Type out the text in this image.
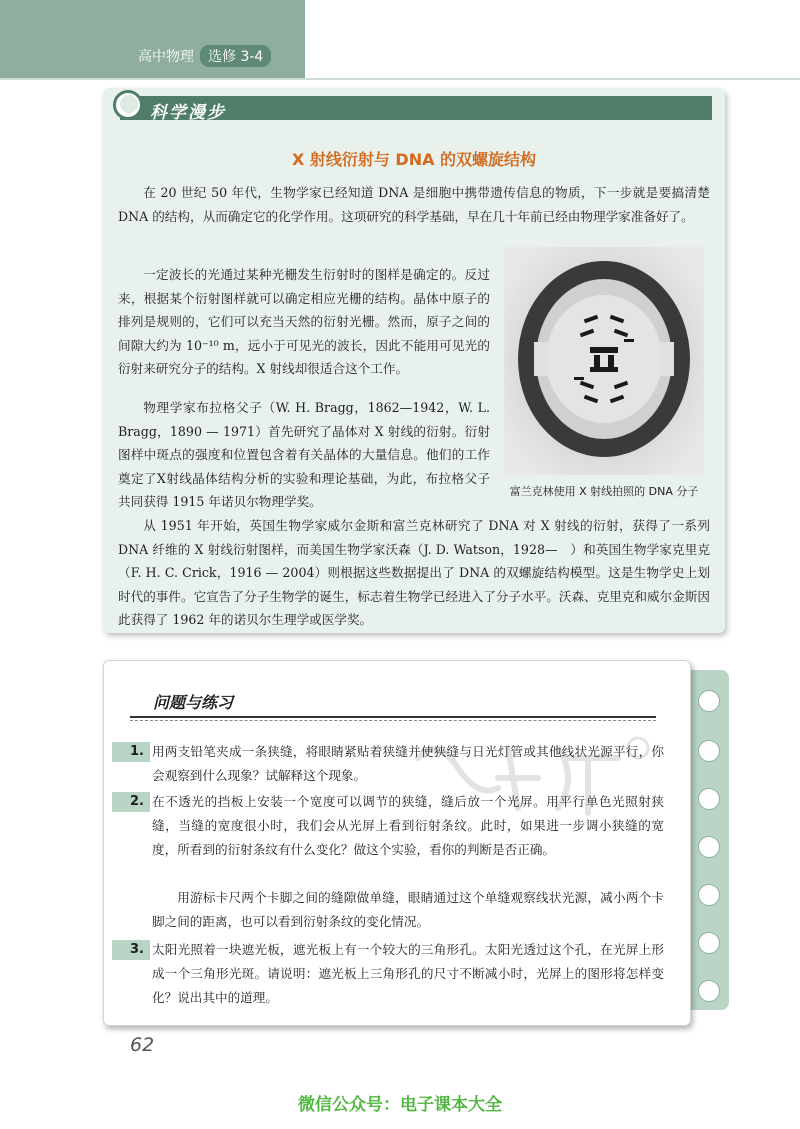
高中物理 选修 3-4
科学漫步
X 射线衍射与 DNA 的双螺旋结构

在 20 世纪 50 年代，生物学家已经知道 DNA 是细胞中携带遗传信息的物质，下一步就是要搞清楚 DNA 的结构，从而确定它的化学作用。这项研究的科学基础，早在几十年前已经由物理学家准备好了。

一定波长的光通过某种光栅发生衍射时的图样是确定的。反过来，根据某个衍射图样就可以确定相应光栅的结构。晶体中原子的排列是规则的，它们可以充当天然的衍射光栅。然而，原子之间的间隙大约为 10⁻¹⁰ m，远小于可见光的波长，因此不能用可见光的衍射来研究分子的结构。X 射线却很适合这个工作。

物理学家布拉格父子（W. H. Bragg，1862—1942，W. L. Bragg，1890 — 1971）首先研究了晶体对 X 射线的衍射。衍射图样中斑点的强度和位置包含着有关晶体的大量信息。他们的工作奠定了X射线晶体结构分析的实验和理论基础，为此，布拉格父子共同获得 1915 年诺贝尔物理学奖。

从 1951 年开始，英国生物学家威尔金斯和富兰克林研究了 DNA 对 X 射线的衍射，获得了一系列 DNA 纤维的 X 射线衍射图样，而美国生物学家沃森（J. D. Watson，1928—　）和英国生物学家克里克（F. H. C. Crick，1916 — 2004）则根据这些数据提出了 DNA 的双螺旋结构模型。这是生物学史上划时代的事件。它宣告了分子生物学的诞生，标志着生物学已经进入了分子水平。沃森、克里克和威尔金斯因此获得了 1962 年的诺贝尔生理学或医学奖。

富兰克林使用 X 射线拍照的 DNA 分子
问题与练习
1. 用两支铅笔夹成一条狭缝，将眼睛紧贴着狭缝并使狭缝与日光灯管或其他线状光源平行，你会观察到什么现象？试解释这个现象。

2. 在不透光的挡板上安装一个宽度可以调节的狭缝，缝后放一个光屏。用平行单色光照射狭缝，当缝的宽度很小时，我们会从光屏上看到衍射条纹。此时，如果进一步调小狭缝的宽度，所看到的衍射条纹有什么变化？做这个实验，看你的判断是否正确。

用游标卡尺两个卡脚之间的缝隙做单缝，眼睛通过这个单缝观察线状光源，减小两个卡脚之间的距离，也可以看到衍射条纹的变化情况。

3. 太阳光照着一块遮光板，遮光板上有一个较大的三角形孔。太阳光透过这个孔，在光屏上形成一个三角形光斑。请说明：遮光板上三角形孔的尺寸不断减小时，光屏上的图形将怎样变化？说出其中的道理。

62
微信公众号：电子课本大全
